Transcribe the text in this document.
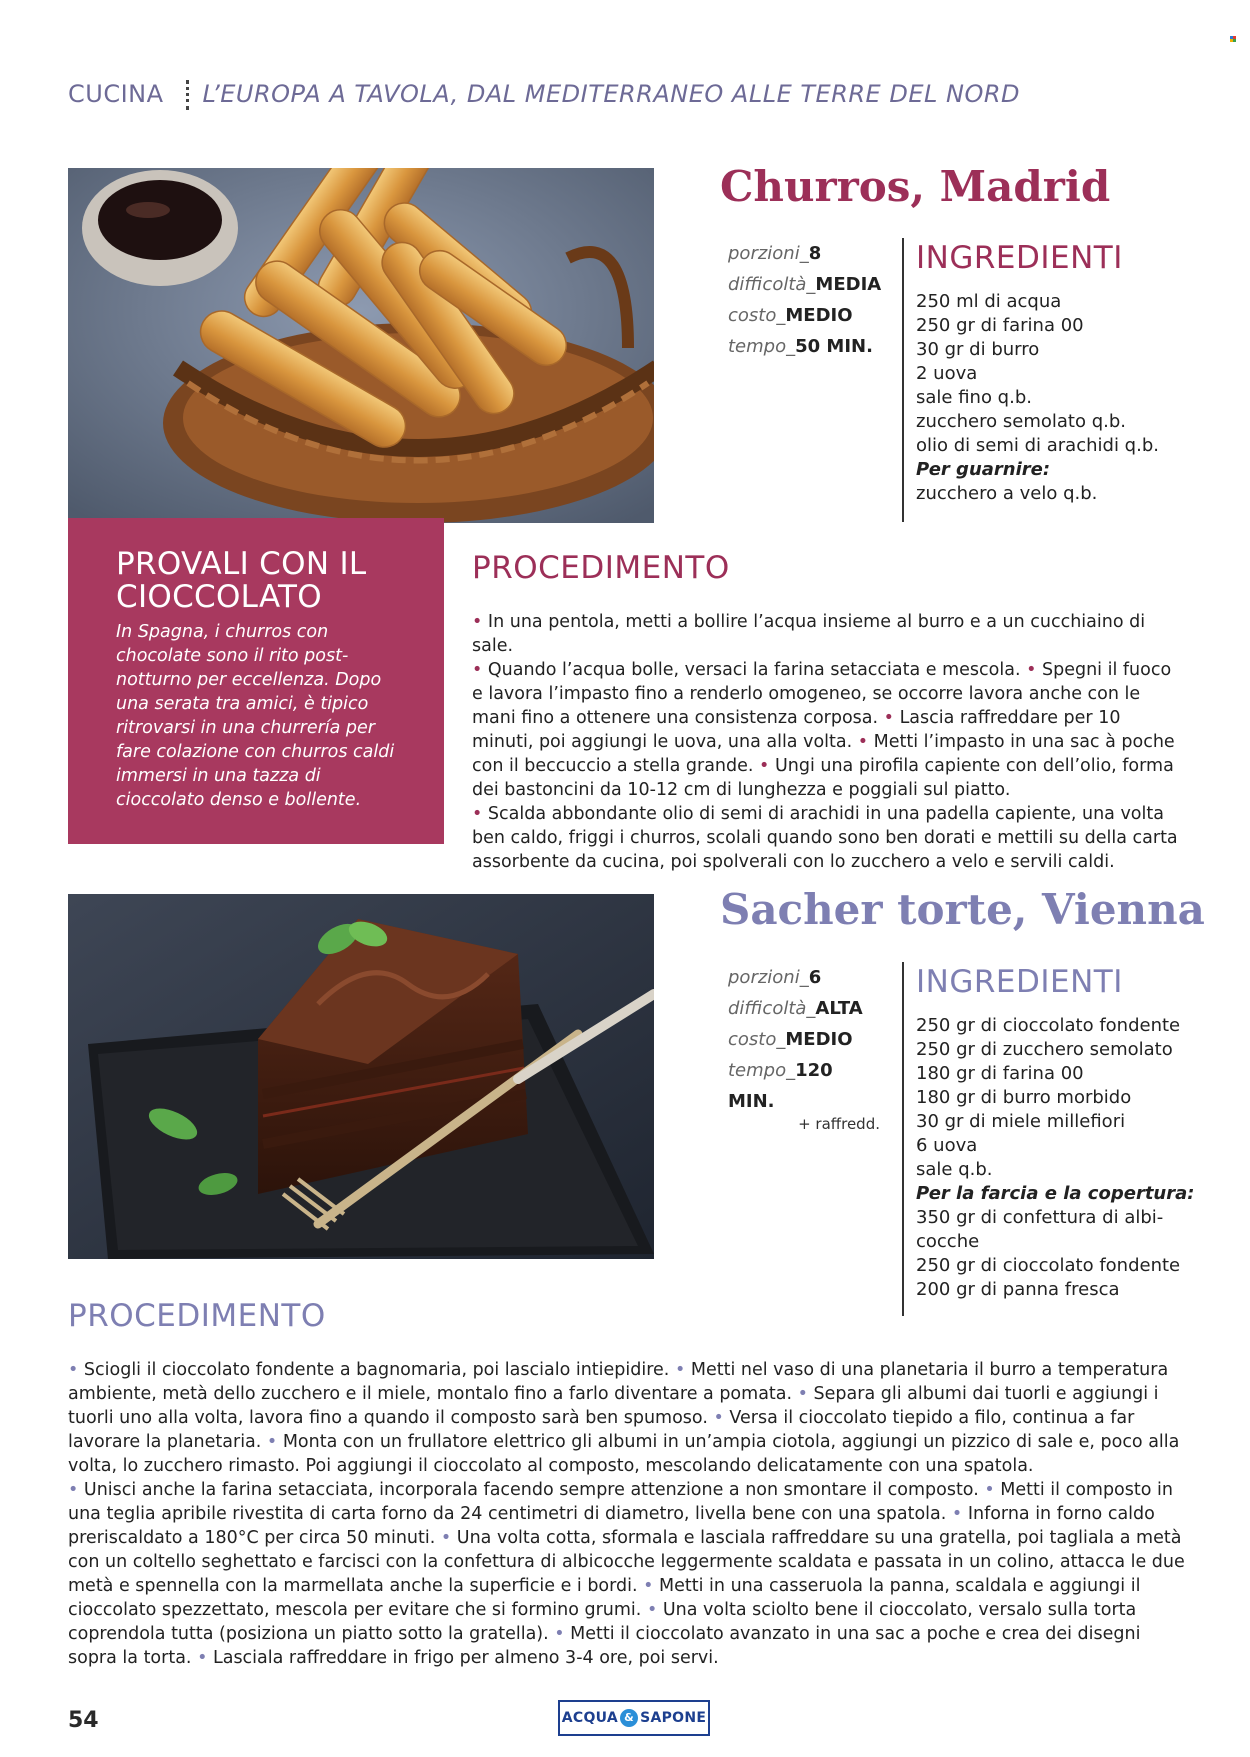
CUCINA L’EUROPA A TAVOLA, DAL MEDITERRANEO ALLE TERRE DEL NORD
Churros, Madrid
porzioni_8
difficoltà_MEDIA
costo_MEDIO
tempo_50 MIN.
INGREDIENTI
250 ml di acqua
250 gr di farina 00
30 gr di burro
2 uova
sale fino q.b.
zucchero semolato q.b.
olio di semi di arachidi q.b.
Per guarnire:
zucchero a velo q.b.
PROVALI CON IL CIOCCOLATO

In Spagna, i churros con chocolate sono il rito post-notturno per eccellenza. Dopo una serata tra amici, è tipico ritrovarsi in una churrería per fare colazione con churros caldi immersi in una tazza di cioccolato denso e bollente.

PROCEDIMENTO
• In una pentola, metti a bollire l’acqua insieme al burro e a un cucchiaino di sale.
• Quando l’acqua bolle, versaci la farina setacciata e mescola. • Spegni il fuoco e lavora l’impasto fino a renderlo omogeneo, se occorre lavora anche con le mani fino a ottenere una consistenza corposa. • Lascia raffreddare per 10 minuti, poi aggiungi le uova, una alla volta. • Metti l’impasto in una sac à poche con il beccuccio a stella grande. • Ungi una pirofila capiente con dell’olio, forma dei bastoncini da 10-12 cm di lunghezza e poggiali sul piatto.
• Scalda abbondante olio di semi di arachidi in una padella capiente, una volta ben caldo, friggi i churros, scolali quando sono ben dorati e mettili su della carta assorbente da cucina, poi spolverali con lo zucchero a velo e servili caldi.
Sacher torte, Vienna
porzioni_6
difficoltà_ALTA
costo_MEDIO
tempo_120 MIN.
+ raffredd.
INGREDIENTI
250 gr di cioccolato fondente
250 gr di zucchero semolato
180 gr di farina 00
180 gr di burro morbido
30 gr di miele millefiori
6 uova
sale q.b.
Per la farcia e la copertura:
350 gr di confettura di albi-cocche
250 gr di cioccolato fondente
200 gr di panna fresca
PROCEDIMENTO
• Sciogli il cioccolato fondente a bagnomaria, poi lascialo intiepidire. • Metti nel vaso di una planetaria il burro a temperatura ambiente, metà dello zucchero e il miele, montalo fino a farlo diventare a pomata. • Separa gli albumi dai tuorli e aggiungi i tuorli uno alla volta, lavora fino a quando il composto sarà ben spumoso. • Versa il cioccolato tiepido a filo, continua a far lavorare la planetaria. • Monta con un frullatore elettrico gli albumi in un’ampia ciotola, aggiungi un pizzico di sale e, poco alla volta, lo zucchero rimasto. Poi aggiungi il cioccolato al composto, mescolando delicatamente con una spatola.
• Unisci anche la farina setacciata, incorporala facendo sempre attenzione a non smontare il composto. • Metti il composto in una teglia apribile rivestita di carta forno da 24 centimetri di diametro, livella bene con una spatola. • Inforna in forno caldo preriscaldato a 180°C per circa 50 minuti. • Una volta cotta, sformala e lasciala raffreddare su una gratella, poi tagliala a metà con un coltello seghettato e farcisci con la confettura di albicocche leggermente scaldata e passata in un colino, attacca le due metà e spennella con la marmellata anche la superficie e i bordi. • Metti in una casseruola la panna, scaldala e aggiungi il cioccolato spezzettato, mescola per evitare che si formino grumi. • Una volta sciolto bene il cioccolato, versalo sulla torta coprendola tutta (posiziona un piatto sotto la gratella). • Metti il cioccolato avanzato in una sac a poche e crea dei disegni sopra la torta. • Lasciala raffreddare in frigo per almeno 3-4 ore, poi servi.
54	ACQUA & SAPONE
